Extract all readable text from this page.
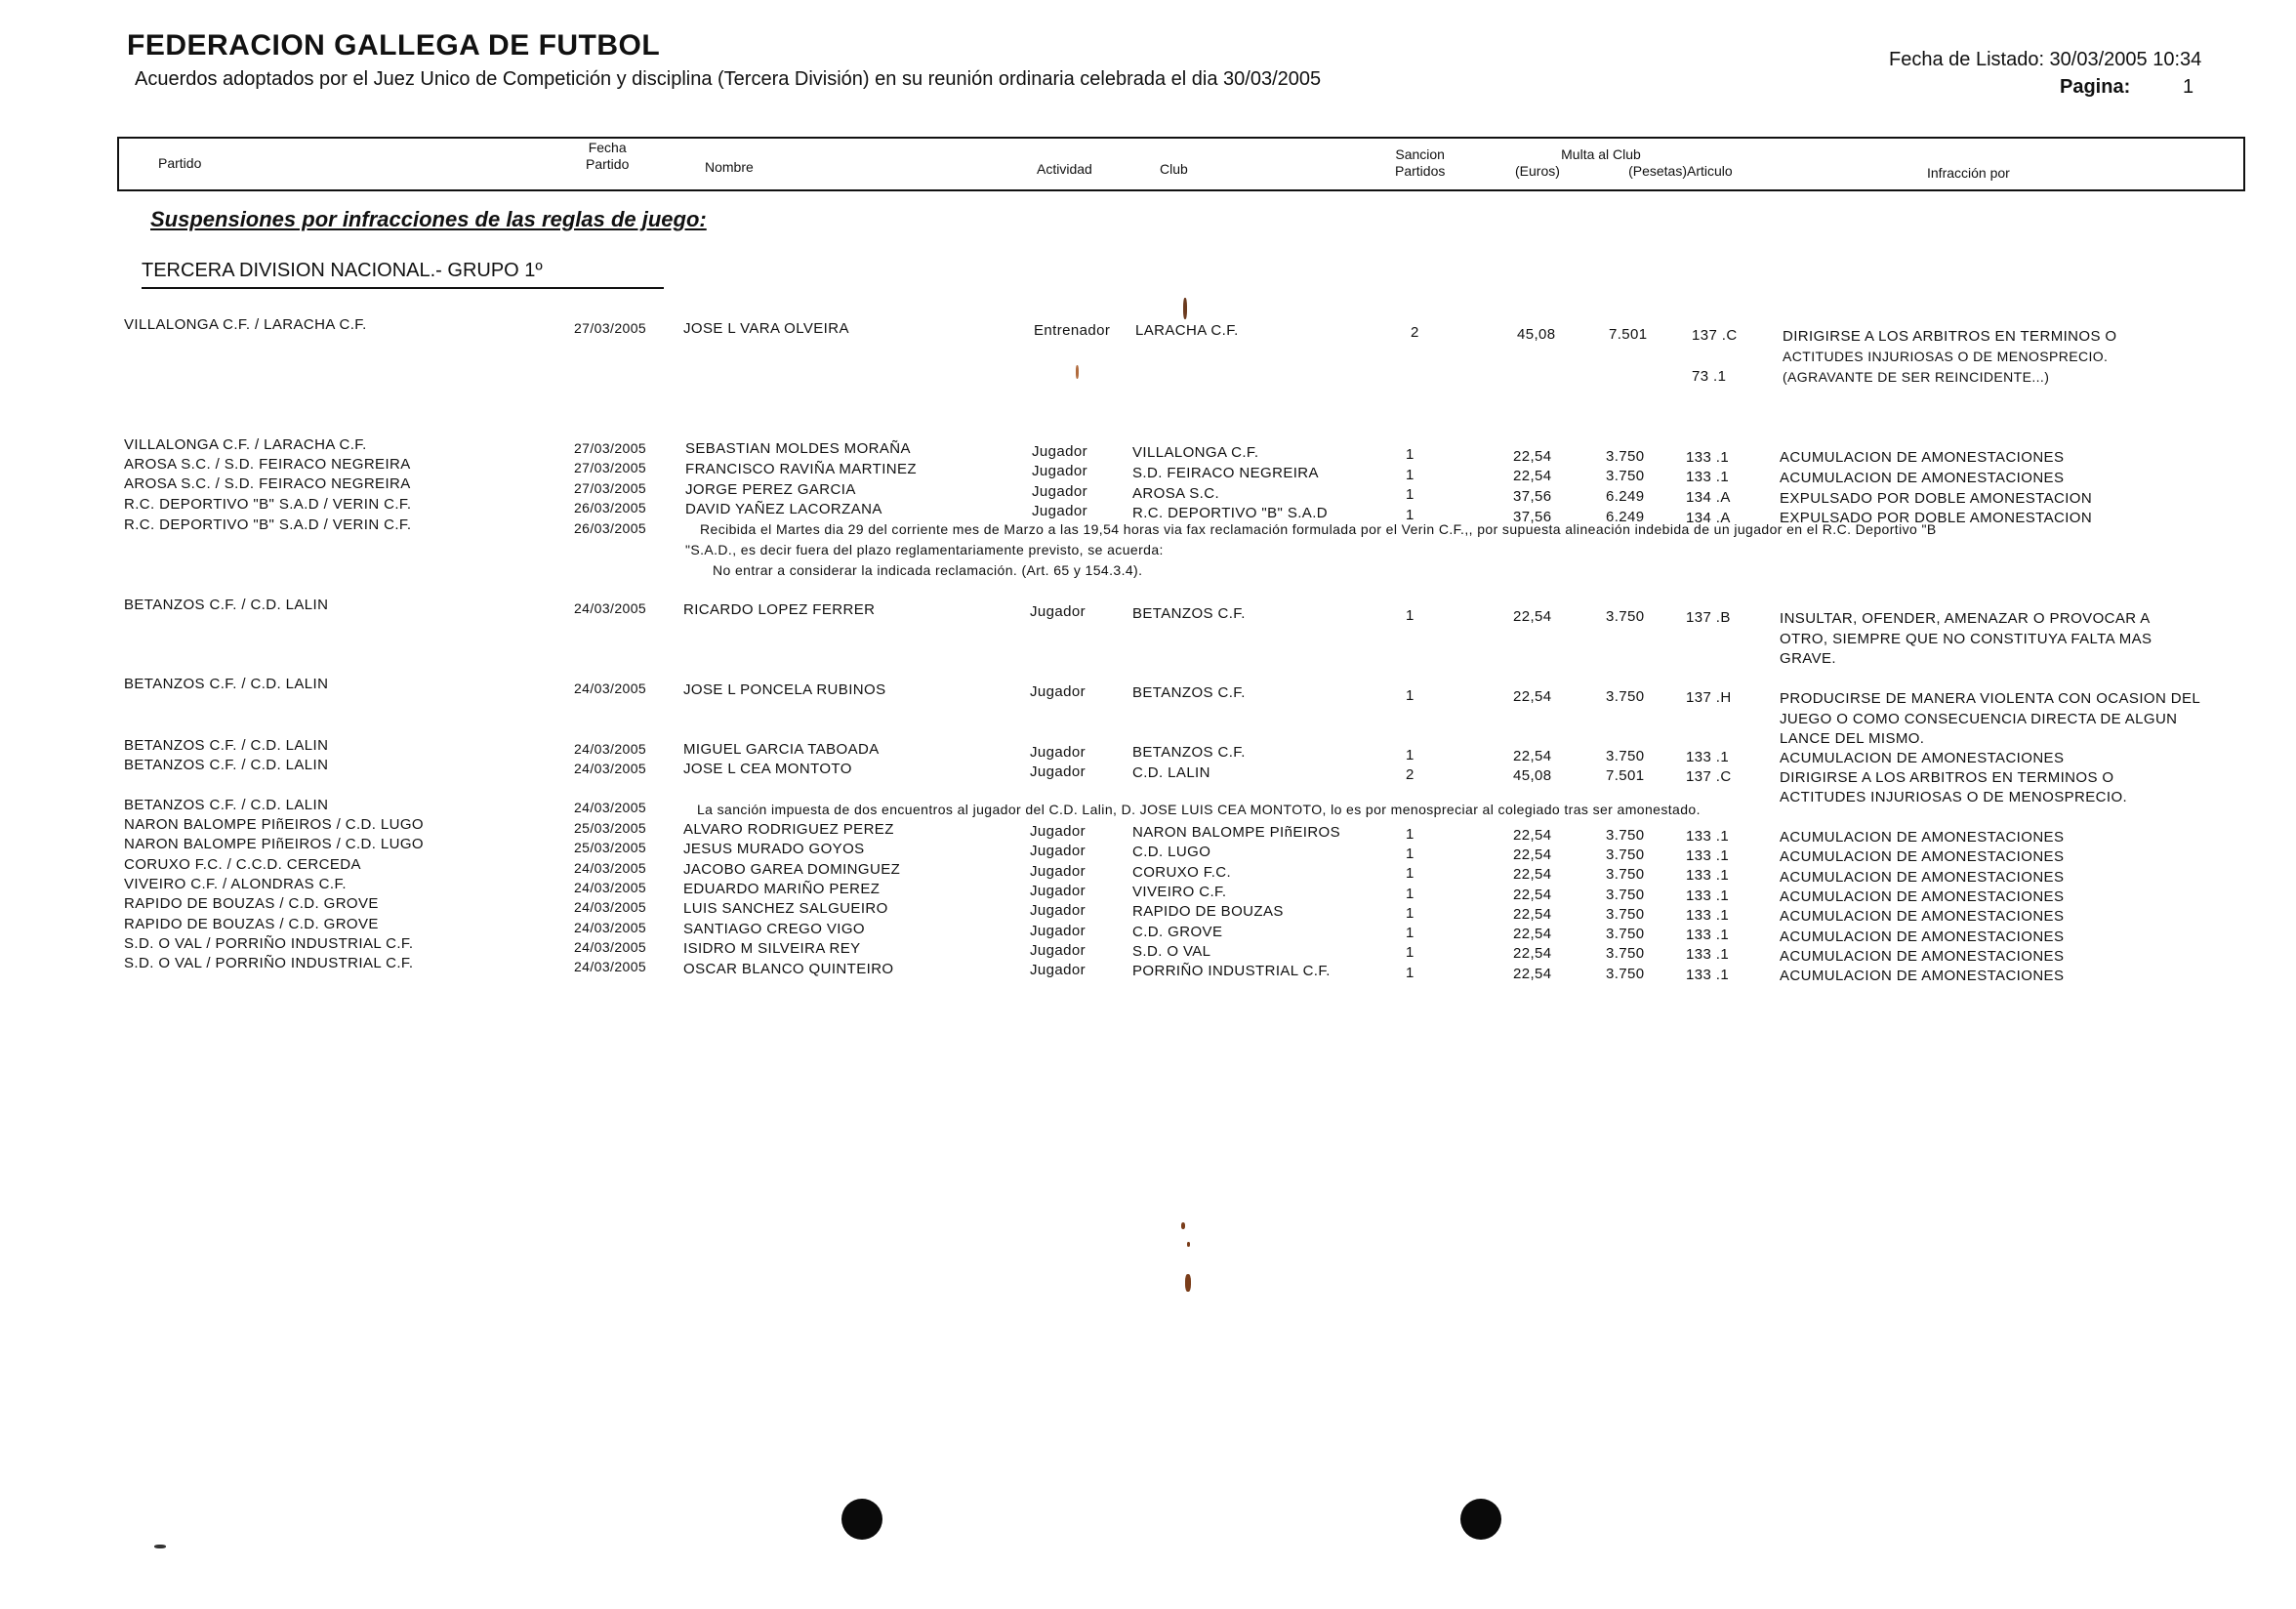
FEDERACION GALLEGA DE FUTBOL
Acuerdos adoptados por el Juez Unico de Competición y disciplina (Tercera División) en su reunión ordinaria celebrada el dia 30/03/2005
Fecha de Listado: 30/03/2005 10:34
Pagina:	1
Partido
Fecha
Partido	Nombre	Actividad	Club
Sancion
Partidos
Multa al Club
(Euros)	(Pesetas) Articulo	Infracción por
Suspensiones por infracciones de las reglas de juego:
TERCERA DIVISION NACIONAL.- GRUPO 1º
VILLALONGA C.F. / LARACHA C.F.	27/03/2005	JOSE L VARA OLVEIRA	Entrenador LARACHA C.F.	2	45,08	7.501	137 .C
73 .1
DIRIGIRSE A LOS ARBITROS EN TERMINOS O
ACTITUDES INJURIOSAS O DE MENOSPRECIO.
(AGRAVANTE DE SER REINCIDENTE...)
VILLALONGA C.F. / LARACHA C.F.	27/03/2005	SEBASTIAN MOLDES MORAÑA	Jugador	VILLALONGA C.F.	1	22,54	3.750	133 .1	ACUMULACION DE AMONESTACIONES
AROSA S.C. / S.D. FEIRACO NEGREIRA	27/03/2005	FRANCISCO RAVIÑA MARTINEZ	Jugador	S.D. FEIRACO NEGREIRA	1	22,54	3.750	133 .1	ACUMULACION DE AMONESTACIONES
AROSA S.C. / S.D. FEIRACO NEGREIRA	27/03/2005	JORGE PEREZ GARCIA	Jugador	AROSA S.C.	1	37,56	6.249	134 .A	EXPULSADO POR DOBLE AMONESTACION
R.C. DEPORTIVO "B" S.A.D / VERIN C.F.	26/03/2005	DAVID YAÑEZ LACORZANA	Jugador	R.C. DEPORTIVO "B" S.A.D	1	37,56	6.249	134 .A	EXPULSADO POR DOBLE AMONESTACION
R.C. DEPORTIVO "B" S.A.D / VERIN C.F.	26/03/2005	Recibida el Martes dia 29 del corriente mes de Marzo a las 19,54 horas via fax reclamación formulada por el Verin C.F.,, por supuesta alineación indebida de un jugador en el R.C. Deportivo "B
"S.A.D., es decir fuera del plazo reglamentariamente previsto, se acuerda:
No entrar a considerar la indicada reclamación. (Art. 65 y 154.3.4).
BETANZOS C.F. / C.D. LALIN	24/03/2005	RICARDO LOPEZ FERRER	Jugador	BETANZOS C.F.	1	22,54	3.750	137 .B	INSULTAR, OFENDER, AMENAZAR O PROVOCAR A
OTRO, SIEMPRE QUE NO CONSTITUYA FALTA MAS
GRAVE.
BETANZOS C.F. / C.D. LALIN	24/03/2005	JOSE L PONCELA RUBINOS	Jugador	BETANZOS C.F.	1	22,54	3.750	137 .H	PRODUCIRSE DE MANERA VIOLENTA CON OCASION DEL
JUEGO O COMO CONSECUENCIA DIRECTA DE ALGUN
LANCE DEL MISMO.
BETANZOS C.F. / C.D. LALIN	24/03/2005	MIGUEL GARCIA TABOADA	Jugador	BETANZOS C.F.	1	22,54	3.750	133 .1	ACUMULACION DE AMONESTACIONES
BETANZOS C.F. / C.D. LALIN	24/03/2005	JOSE L CEA MONTOTO	Jugador	C.D. LALIN	2	45,08	7.501	137 .C	DIRIGIRSE A LOS ARBITROS EN TERMINOS O
ACTITUDES INJURIOSAS O DE MENOSPRECIO.
BETANZOS C.F. / C.D. LALIN	24/03/2005	La sanción impuesta de dos encuentros al jugador del C.D. Lalin, D. JOSE LUIS CEA MONTOTO, lo es por menospreciar al colegiado tras ser amonestado.
NARON BALOMPE PIñEIROS / C.D. LUGO	25/03/2005	ALVARO RODRIGUEZ PEREZ	Jugador	NARON BALOMPE PIñEIROS	1	22,54	3.750	133 .1	ACUMULACION DE AMONESTACIONES
NARON BALOMPE PIñEIROS / C.D. LUGO	25/03/2005	JESUS MURADO GOYOS	Jugador	C.D. LUGO	1	22,54	3.750	133 .1	ACUMULACION DE AMONESTACIONES
CORUXO F.C. / C.C.D. CERCEDA	24/03/2005	JACOBO GAREA DOMINGUEZ	Jugador	CORUXO F.C.	1	22,54	3.750	133 .1	ACUMULACION DE AMONESTACIONES
VIVEIRO C.F. / ALONDRAS C.F.	24/03/2005	EDUARDO MARIÑO PEREZ	Jugador	VIVEIRO C.F.	1	22,54	3.750	133 .1	ACUMULACION DE AMONESTACIONES
RAPIDO DE BOUZAS / C.D. GROVE	24/03/2005	LUIS SANCHEZ SALGUEIRO	Jugador	RAPIDO DE BOUZAS	1	22,54	3.750	133 .1	ACUMULACION DE AMONESTACIONES
RAPIDO DE BOUZAS / C.D. GROVE	24/03/2005	SANTIAGO CREGO VIGO	Jugador	C.D. GROVE	1	22,54	3.750	133 .1	ACUMULACION DE AMONESTACIONES
S.D. O VAL / PORRIÑO INDUSTRIAL C.F.	24/03/2005	ISIDRO M SILVEIRA REY	Jugador	S.D. O VAL	1	22,54	3.750	133 .1	ACUMULACION DE AMONESTACIONES
S.D. O VAL / PORRIÑO INDUSTRIAL C.F.	24/03/2005	OSCAR BLANCO QUINTEIRO	Jugador	PORRIÑO INDUSTRIAL C.F.	1	22,54	3.750	133 .1	ACUMULACION DE AMONESTACIONES
